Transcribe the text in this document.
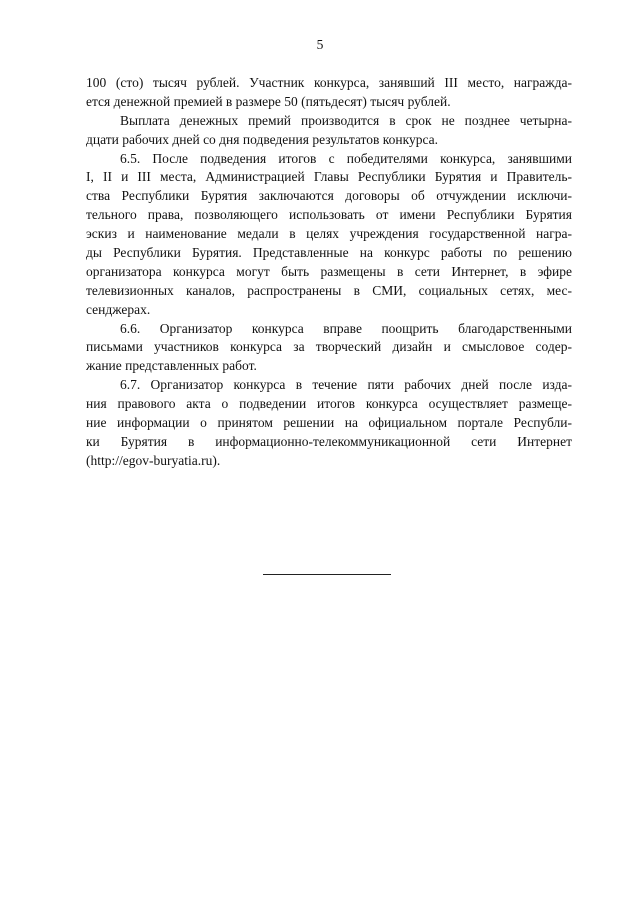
5
100 (сто) тысяч рублей. Участник конкурса, занявший III место, награжда-
ется денежной премией в размере 50 (пятьдесят) тысяч рублей.
Выплата денежных премий производится в срок не позднее четырна-
дцати рабочих дней со дня подведения результатов конкурса.
6.5. После подведения итогов с победителями конкурса, занявшими
I, II и III места, Администрацией Главы Республики Бурятия и Правитель-
ства Республики Бурятия заключаются договоры об отчуждении исключи-
тельного права, позволяющего использовать от имени Республики Бурятия
эскиз и наименование медали в целях учреждения государственной награ-
ды Республики Бурятия. Представленные на конкурс работы по решению
организатора конкурса могут быть размещены в сети Интернет, в эфире
телевизионных каналов, распространены в СМИ, социальных сетях, мес-
сенджерах.
6.6. Организатор конкурса вправе поощрить благодарственными
письмами участников конкурса за творческий дизайн и смысловое содер-
жание представленных работ.
6.7. Организатор конкурса в течение пяти рабочих дней после изда-
ния правового акта о подведении итогов конкурса осуществляет размеще-
ние информации о принятом решении на официальном портале Республи-
ки Бурятия в информационно-телекоммуникационной сети Интернет
(http://egov-buryatia.ru).
